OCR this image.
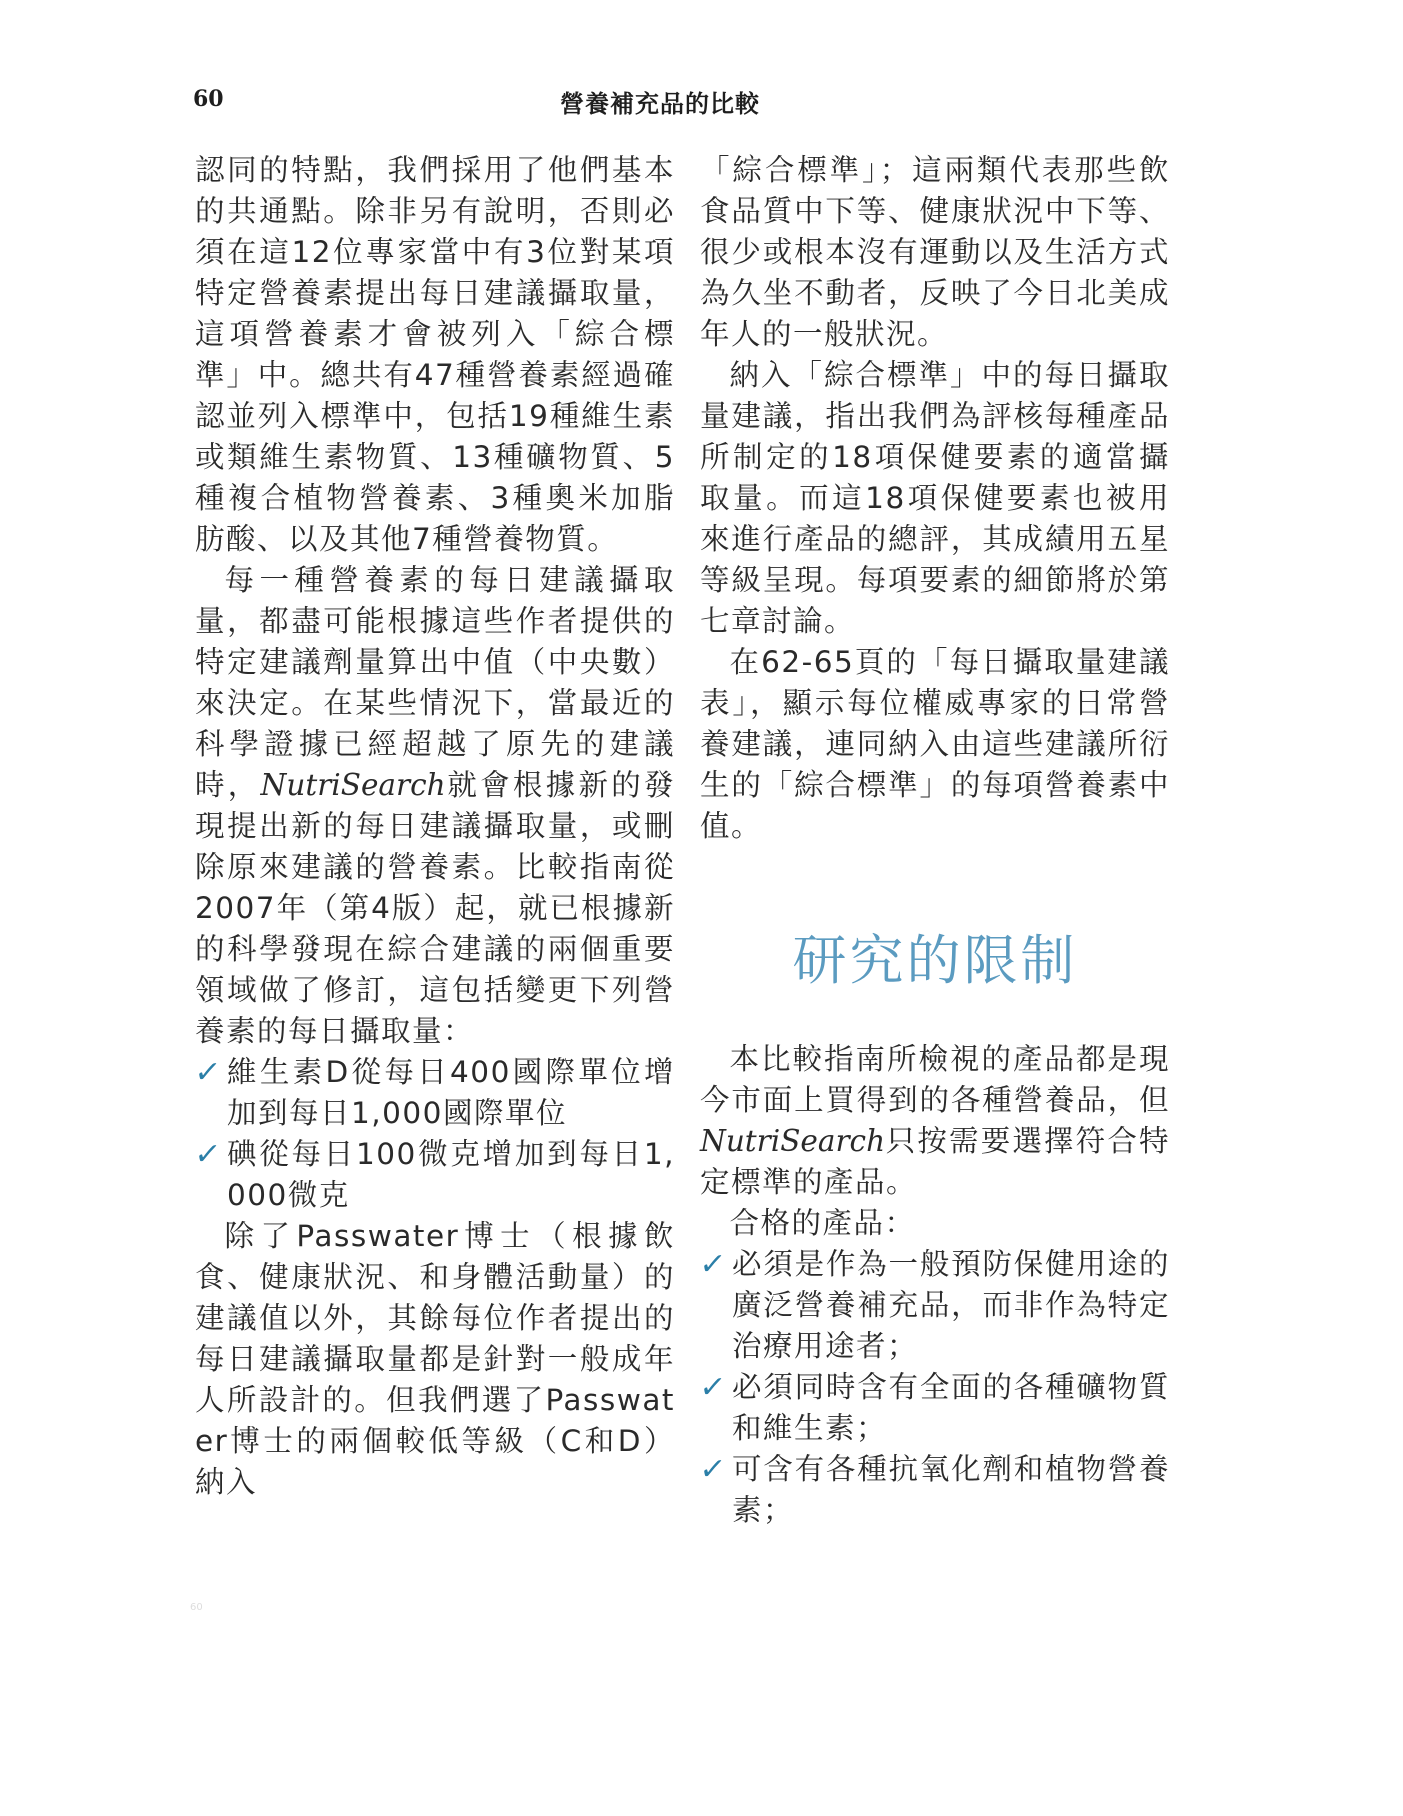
60	營養補充品的比較

認同的特點，我們採用了他們基本的共通點。除非另有說明，否則必須在這12位專家當中有3位對某項特定營養素提出每日建議攝取量，這項營養素才會被列入「綜合標準」中。總共有47種營養素經過確認並列入標準中，包括19種維生素或類維生素物質、13種礦物質、5種複合植物營養素、3種奧米加脂肪酸、以及其他7種營養物質。

每一種營養素的每日建議攝取量，都盡可能根據這些作者提供的特定建議劑量算出中值（中央數）來決定。在某些情況下，當最近的科學證據已經超越了原先的建議時，NutriSearch就會根據新的發現提出新的每日建議攝取量，或刪除原來建議的營養素。比較指南從2007年（第4版）起，就已根據新的科學發現在綜合建議的兩個重要領域做了修訂，這包括變更下列營養素的每日攝取量：

✓ 維生素D從每日400國際單位增加到每日1,000國際單位
✓ 碘從每日100微克增加到每日1,000微克

除了Passwater博士（根據飲食、健康狀況、和身體活動量）的建議值以外，其餘每位作者提出的每日建議攝取量都是針對一般成年人所設計的。但我們選了Passwater博士的兩個較低等級（C和D）納入

「綜合標準」；這兩類代表那些飲食品質中下等、健康狀況中下等、很少或根本沒有運動以及生活方式為久坐不動者，反映了今日北美成年人的一般狀況。

納入「綜合標準」中的每日攝取量建議，指出我們為評核每種產品所制定的18項保健要素的適當攝取量。而這18項保健要素也被用來進行產品的總評，其成績用五星等級呈現。每項要素的細節將於第七章討論。

在62-65頁的「每日攝取量建議表」，顯示每位權威專家的日常營養建議，連同納入由這些建議所衍生的「綜合標準」的每項營養素中值。

研究的限制

本比較指南所檢視的產品都是現今市面上買得到的各種營養品，但NutriSearch只按需要選擇符合特定標準的產品。

合格的產品：

✓ 必須是作為一般預防保健用途的廣泛營養補充品，而非作為特定治療用途者；
✓ 必須同時含有全面的各種礦物質和維生素；
✓ 可含有各種抗氧化劑和植物營養素；
60
